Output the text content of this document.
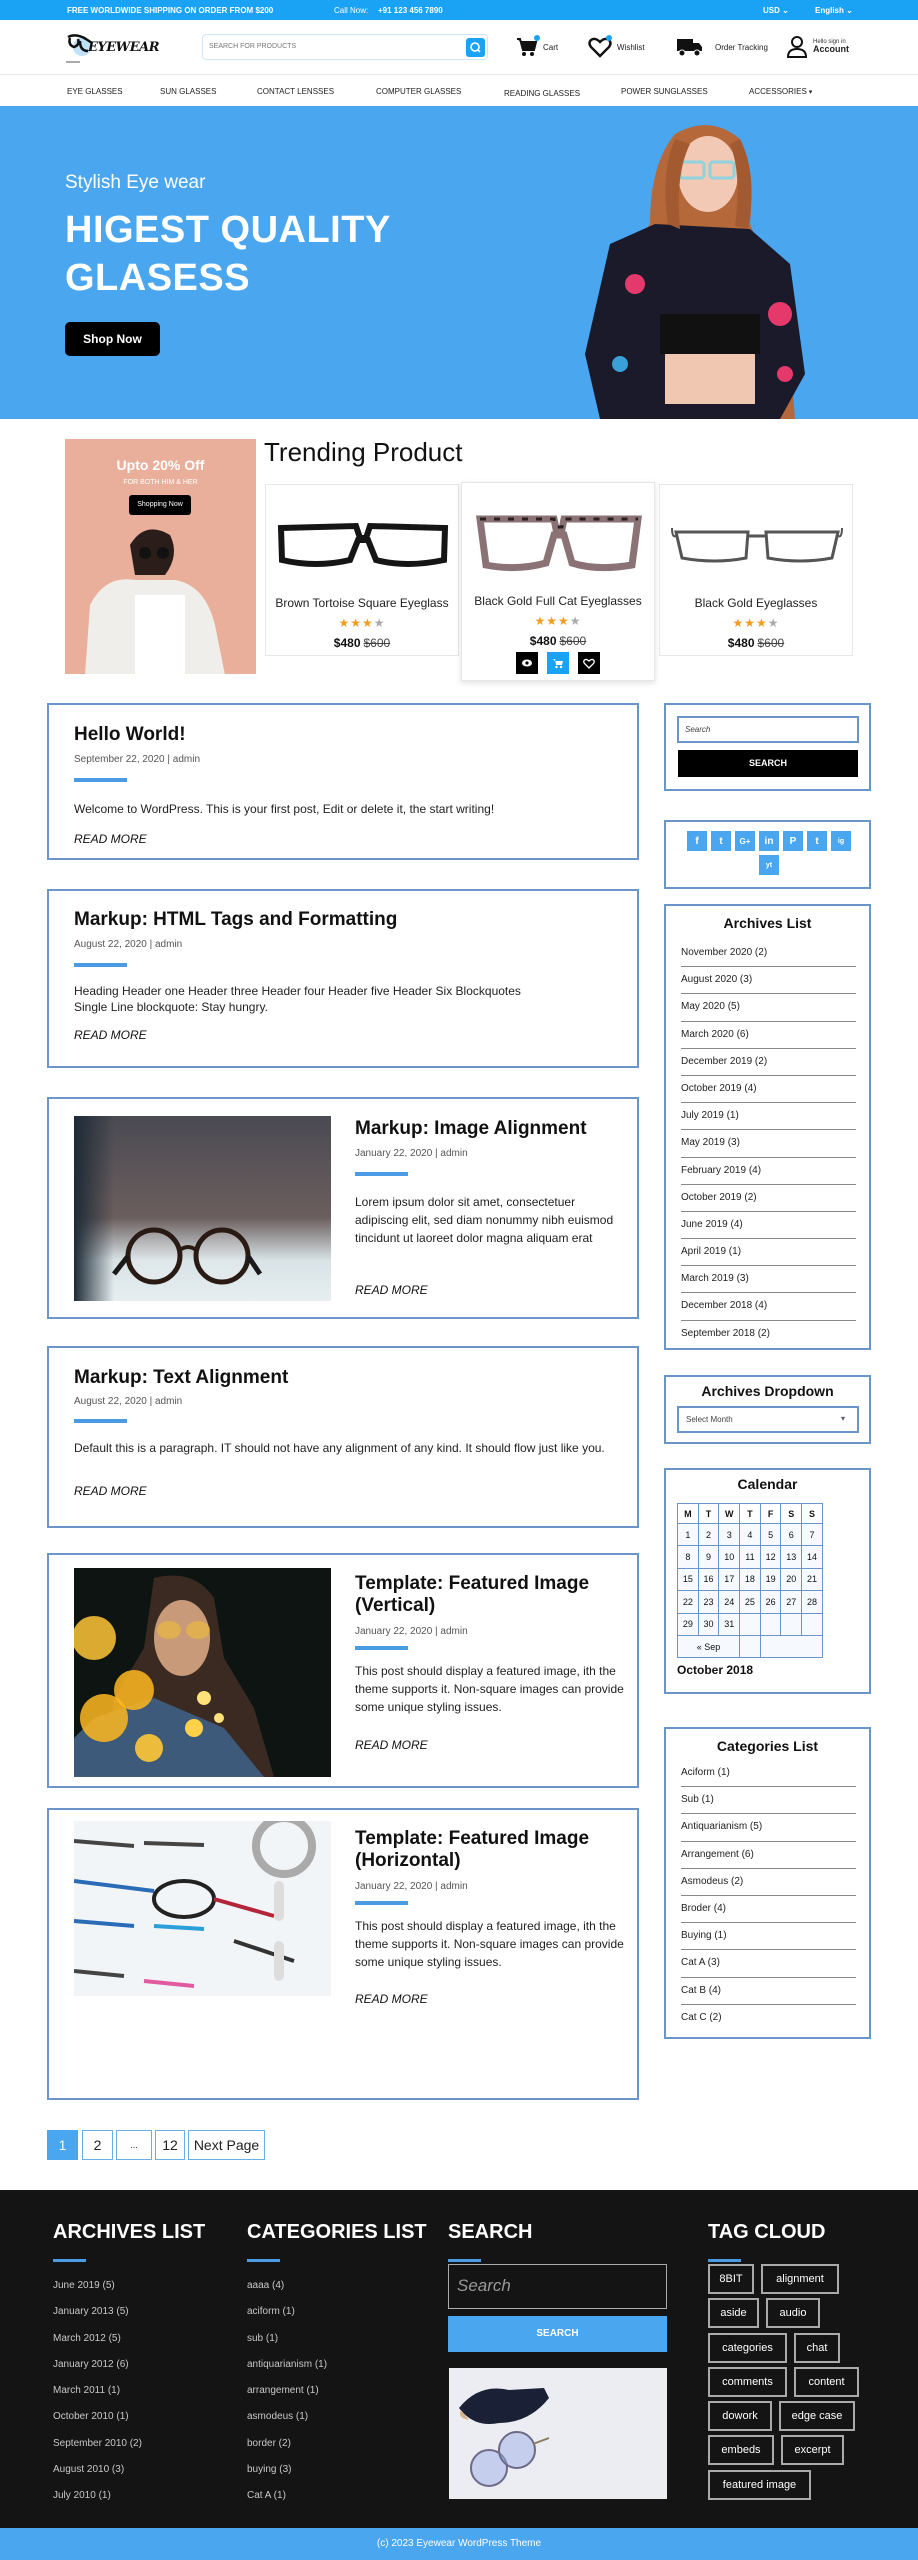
FREE WORLDWIDE SHIPPING ON ORDER FROM $200	Call Now: +91 123 456 7890	USD ⌄	English ⌄
EYEWEAR	SEARCH FOR PRODUCTS	Cart	Wishlist	Order Tracking
Hello sign in
Account
EYE GLASSES	SUN GLASSES	CONTACT LENSSES	COMPUTER GLASSES	READING GLASSES	POWER SUNGLASSES	ACCESSORIES ▾
Stylish Eye wear
HIGEST QUALITY
GLASESS
Shop Now
Upto 20% Off
FOR BOTH HIM & HER
Shopping Now
Trending Product
Brown Tortoise Square Eyeglass
★★★★
$480 $600
Black Gold Full Cat Eyeglasses
★★★★
$480 $600
Black Gold Eyeglasses
★★★★
$480 $600
Hello World!
September 22, 2020 | admin
Welcome to WordPress. This is your first post, Edit or delete it, the start writing!
READ MORE
Markup: HTML Tags and Formatting
August 22, 2020 | admin
Heading Header one Header three Header four Header five Header Six Blockquotes Single Line blockquote: Stay hungry.
READ MORE
Markup: Image Alignment
January 22, 2020 | admin
Lorem ipsum dolor sit amet, consectetuer adipiscing elit, sed diam nonummy nibh euismod tincidunt ut laoreet dolor magna aliquam erat
READ MORE
Markup: Text Alignment
August 22, 2020 | admin
Default this is a paragraph. IT should not have any alignment of any kind. It should flow just like you.
READ MORE
Template: Featured Image (Vertical)
January 22, 2020 | admin
This post should display a featured image, ith the theme supports it. Non-square images can provide some unique styling issues.
READ MORE
Template: Featured Image (Horizontal)
January 22, 2020 | admin
This post should display a featured image, ith the theme supports it. Non-square images can provide some unique styling issues.
READ MORE
1	2	...	12	Next Page
Search
SEARCH
f	t	G+	in	P	t	ig
yt
Archives List
November 2020 (2)
August 2020 (3)
May 2020 (5)
March 2020 (6)
December 2019 (2)
October 2019 (4)
July 2019 (1)
May 2019 (3)
February 2019 (4)
October 2019 (2)
June 2019 (4)
April 2019 (1)
March 2019 (3)
December 2018 (4)
September 2018 (2)
Archives Dropdown
Select Month	▾
Calendar
M	T	W	T	F	S	S
1	2	3	4	5	6	7
8	9	10	11	12	13	14
15	16	17	18	19	20	21
22	23	24	25	26	27	28
29	30	31				
« Sep						
October 2018
Categories List
Aciform (1)
Sub (1)
Antiquarianism (5)
Arrangement (6)
Asmodeus (2)
Broder (4)
Buying (1)
Cat A (3)
Cat B (4)
Cat C (2)
ARCHIVES LIST
June 2019 (5)
January 2013 (5)
March 2012 (5)
January 2012 (6)
March 2011 (1)
October 2010 (1)
September 2010 (2)
August 2010 (3)
July 2010 (1)
CATEGORIES LIST
aaaa (4)
aciform (1)
sub (1)
antiquarianism (1)
arrangement (1)
asmodeus (1)
border (2)
buying (3)
Cat A (1)
SEARCH
Search
SEARCH
TAG CLOUD
8BIT	alignment
aside	audio
categories	chat
comments	content
dowork	edge case
embeds	excerpt
featured image
(c) 2023 Eyewear WordPress Theme
